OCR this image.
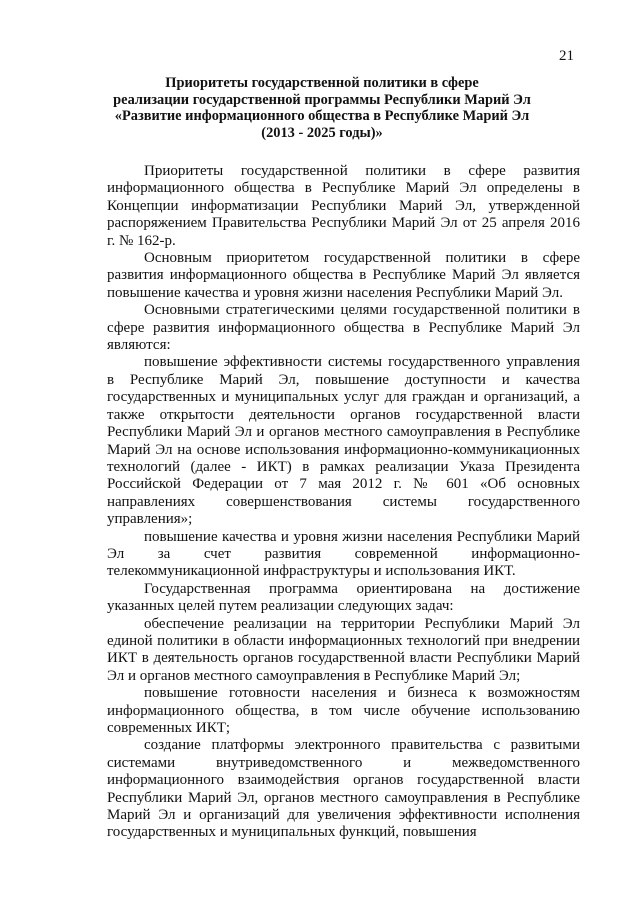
21
Приоритеты государственной политики в сфере
реализации государственной программы Республики Марий Эл
«Развитие информационного общества в Республике Марий Эл
(2013 - 2025 годы)»

Приоритеты государственной политики в сфере развития информационного общества в Республике Марий Эл определены в Концепции информатизации Республики Марий Эл, утвержденной распоряжением Правительства Республики Марий Эл от 25 апреля 2016 г. № 162-р.

Основным приоритетом государственной политики в сфере развития информационного общества в Республике Марий Эл является повышение качества и уровня жизни населения Республики Марий Эл.

Основными стратегическими целями государственной политики в сфере развития информационного общества в Республике Марий Эл являются:

повышение эффективности системы государственного управления в Республике Марий Эл, повышение доступности и качества государственных и муниципальных услуг для граждан и организаций, а также открытости деятельности органов государственной власти Республики Марий Эл и органов местного самоуправления в Республике Марий Эл на основе использования информационно-коммуникационных технологий (далее - ИКТ) в рамках реализации Указа Президента Российской Федерации от 7 мая 2012 г. № 601 «Об основных направлениях совершенствования системы государственного управления»;

повышение качества и уровня жизни населения Республики Марий Эл за счет развития современной информационно-телекоммуникационной инфраструктуры и использования ИКТ.

Государственная программа ориентирована на достижение указанных целей путем реализации следующих задач:

обеспечение реализации на территории Республики Марий Эл единой политики в области информационных технологий при внедрении ИКТ в деятельность органов государственной власти Республики Марий Эл и органов местного самоуправления в Республике Марий Эл;

повышение готовности населения и бизнеса к возможностям информационного общества, в том числе обучение использованию современных ИКТ;

создание платформы электронного правительства с развитыми системами внутриведомственного и межведомственного информационного взаимодействия органов государственной власти Республики Марий Эл, органов местного самоуправления в Республике Марий Эл и организаций для увеличения эффективности исполнения государственных и муниципальных функций, повышения
